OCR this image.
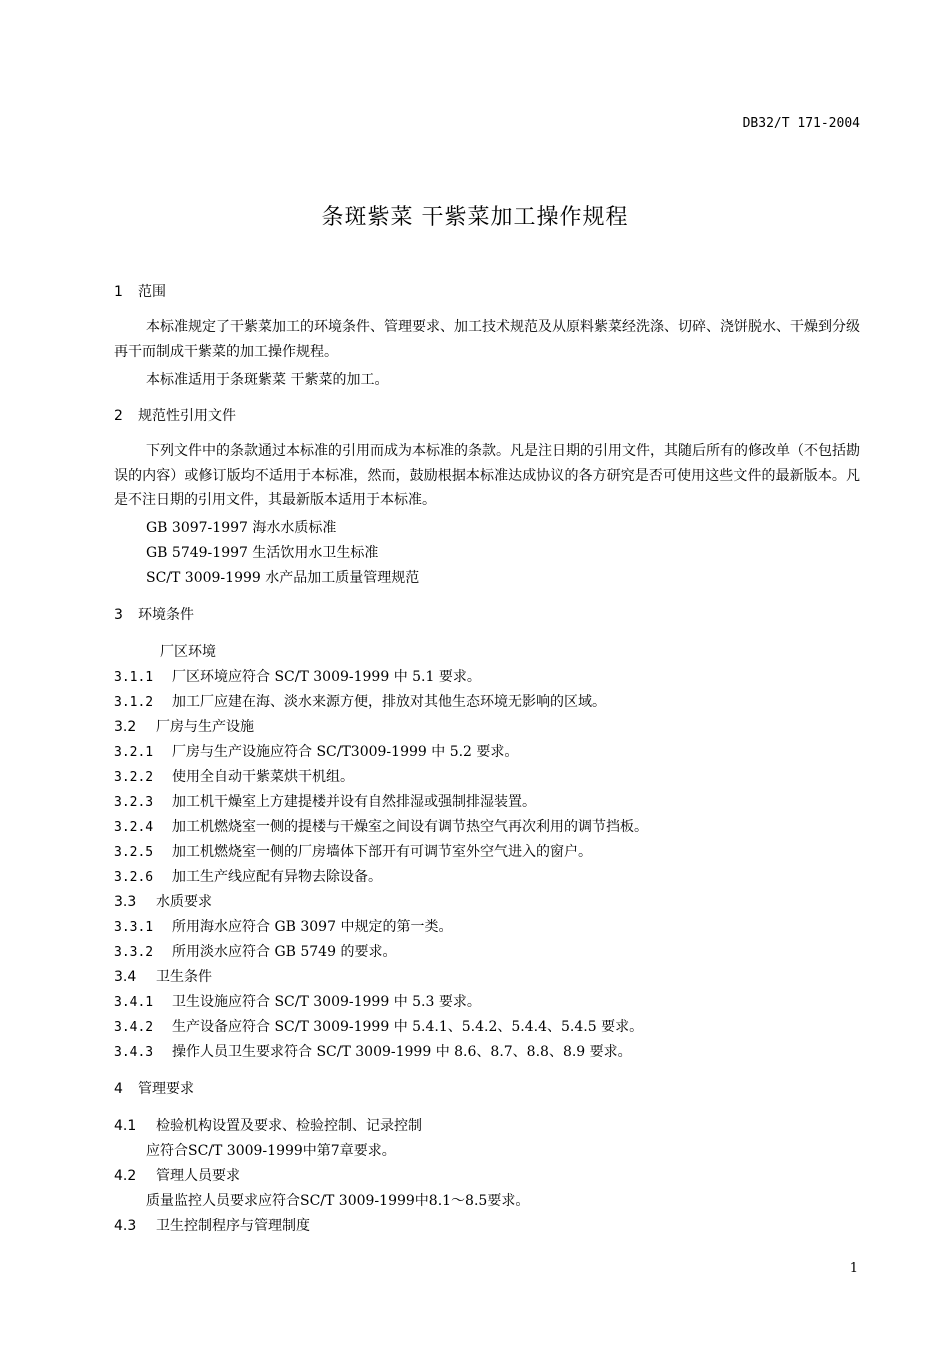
DB32/T 171-2004
条斑紫菜 干紫菜加工操作规程
1 范围
本标准规定了干紫菜加工的环境条件、管理要求、加工技术规范及从原料紫菜经洗涤、切碎、浇饼脱水、干燥到分级再干而制成干紫菜的加工操作规程。
本标准适用于条斑紫菜 干紫菜的加工。
2 规范性引用文件
下列文件中的条款通过本标准的引用而成为本标准的条款。凡是注日期的引用文件，其随后所有的修改单（不包括勘误的内容）或修订版均不适用于本标准，然而，鼓励根据本标准达成协议的各方研究是否可使用这些文件的最新版本。凡是不注日期的引用文件，其最新版本适用于本标准。
GB 3097-1997 海水水质标准
GB 5749-1997 生活饮用水卫生标准
SC/T 3009-1999 水产品加工质量管理规范
3 环境条件
厂区环境
3.1.1 厂区环境应符合 SC/T 3009-1999 中 5.1 要求。
3.1.2 加工厂应建在海、淡水来源方便，排放对其他生态环境无影响的区域。
3.2 厂房与生产设施
3.2.1 厂房与生产设施应符合 SC/T3009-1999 中 5.2 要求。
3.2.2 使用全自动干紫菜烘干机组。
3.2.3 加工机干燥室上方建提楼并设有自然排湿或强制排湿装置。
3.2.4 加工机燃烧室一侧的提楼与干燥室之间设有调节热空气再次利用的调节挡板。
3.2.5 加工机燃烧室一侧的厂房墙体下部开有可调节室外空气进入的窗户。
3.2.6 加工生产线应配有异物去除设备。
3.3 水质要求
3.3.1 所用海水应符合 GB 3097 中规定的第一类。
3.3.2 所用淡水应符合 GB 5749 的要求。
3.4 卫生条件
3.4.1 卫生设施应符合 SC/T 3009-1999 中 5.3 要求。
3.4.2 生产设备应符合 SC/T 3009-1999 中 5.4.1、5.4.2、5.4.4、5.4.5 要求。
3.4.3 操作人员卫生要求符合 SC/T 3009-1999 中 8.6、8.7、8.8、8.9 要求。
4 管理要求
4.1 检验机构设置及要求、检验控制、记录控制
应符合SC/T 3009-1999中第7章要求。
4.2 管理人员要求
质量监控人员要求应符合SC/T 3009-1999中8.1～8.5要求。
4.3 卫生控制程序与管理制度
1
